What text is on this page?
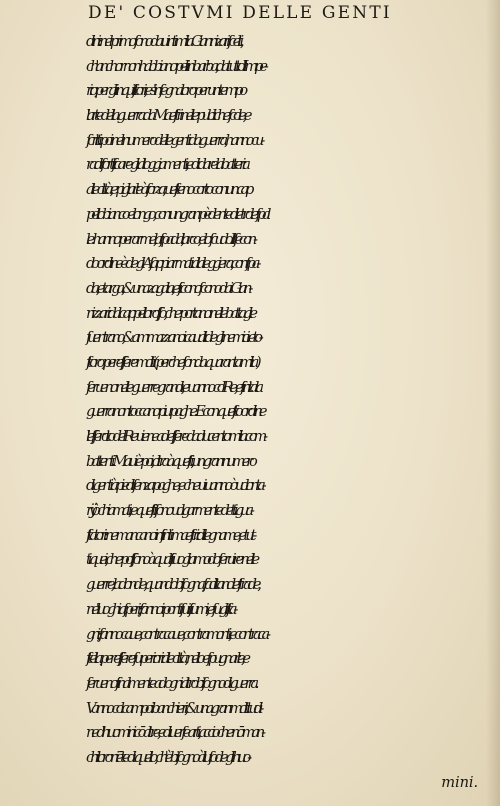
DE' COSTVMI DELLE GENTI
dini: nel primo ſono da uinti milia Giannizari ſcelti,
ch'anchor non habbiano peli in barba, da tutto l'Impe-
rio,per gli inquiſitori, e s'inſegna loro per un tempo
l'arte della guerra da Maeſtri nelle publiche ſcole, e
ſcritti poi nel numero delle genti da guerra, hanno cu-
ra di fortificare gli alloggiamenti, e di dare la batteria
alle città,e pigliarle à forza; ueſteno corto con un cap
pello bianco e longo, con un gran pèdente dietro le ſpal
le: hanno per arme,la ſpada,l'arco,e lo ſcudo. Il ſecon-
do ordine è de gli Aſappi armati alla leggiera,con ſpa-
da, e targa, & una zagalia, e ſi conoſcono da i Gian-
nizzari dal cappello roſſo, che portano:nelle battaglie
ſuentrano,& ammazzano i caualli de gli nemici: eto-
ſtoro, per eſſere molti ( perche ſon da quaranta milia )
ſerueno nelle guerre grandi, e uanno col Re, e finita la
guerra non toccano piu paghe. E con queſto ordine
l'eſſercito del Re uiene ad eſſere da ducento milia com-
battenti. Ma ui è poi, oltra à queſti, un gran numero
di genti à piedi ſenza paghe, e che ui uanno ò uolonta-
rÿ, ò chiamati; e queſti ſono uolgarmente detti gua-
ſtatori: ne mancano infiniti maeſtri di legname, e tut-
ti quei, che poſſono à qual ſi uoglia modo ſeruire nelle
guerre; la donde,quando biſogna, facilitano le ſtrade,
ne' luoghi aſperi; fanno i ponti ſu i fiumi, e ſu gli ſta-
gni; fanno caue, contracaue, contramonti, e contraca-
ſtella,per eſſere ſuperiori alle città, nello eſpugnarle;e
ſerueno finalmente ad ogni altro biſogno di guerra.
Vanno col campo i banchieri, & una gran moltitudi-
ne d'huomini cō altre,e diuerſe arti, accioche nō man-
chi loro niēte di quello, ch'è biſogno à l'uſo de gli huo-
mini.
